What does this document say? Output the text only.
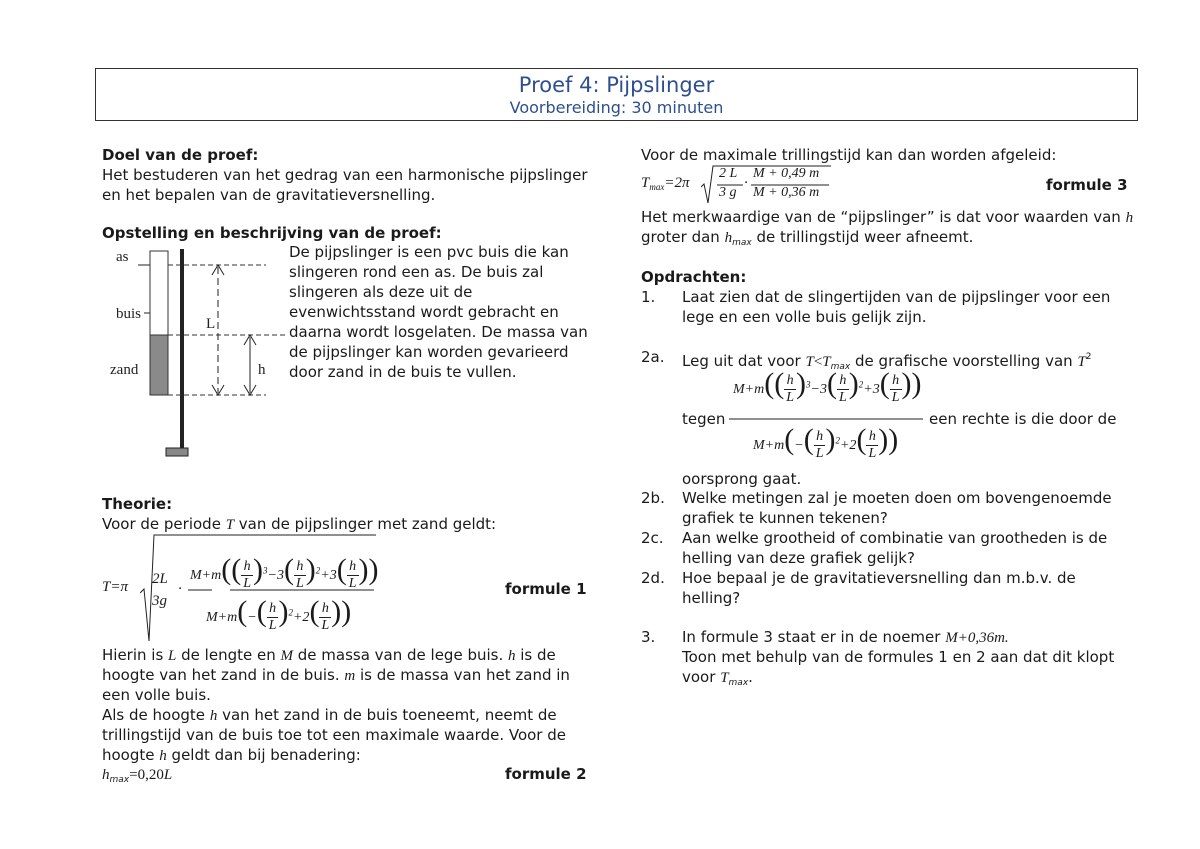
Proef 4: Pijpslinger
Voorbereiding: 30 minuten
Doel van de proef:
Het bestuderen van het gedrag van een harmonische pijpslinger
en het bepalen van de gravitatieversnelling.
Opstelling en beschrijving van de proef:
De pijpslinger is een pvc buis die kan
slingeren rond een as. De buis zal
slingeren als deze uit de
evenwichtsstand wordt gebracht en
daarna wordt losgelaten. De massa van
de pijpslinger kan worden gevarieerd
door zand in de buis te vullen.
as
buis
zand
L
h
Theorie:
Voor de periode T van de pijpslinger met zand geldt:
T=π 2L
3g
·
$M+m(( \frac{h}{L} )^3-3( \frac{h}{L} )^2+3( \frac{h}{L}$ ))
$M+m(-( \frac{h}{L} )^2+2( \frac{h}{L}$ ))
formule 1
Hierin is L de lengte en M de massa van de lege buis. h is de
hoogte van het zand in de buis. m is de massa van het zand in
een volle buis.
Als de hoogte h van het zand in de buis toeneemt, neemt de
trillingstijd van de buis toe tot een maximale waarde. Voor de
hoogte h geldt dan bij benadering:
$h_{max}=0,20L$	formule 2
Voor de maximale trillingstijd kan dan worden afgeleid:
$T_{max}=2\pi$
2 L
3 g
·
M + 0,49 m
M + 0,36 m	formule 3
Het merkwaardige van de “pijpslinger” is dat voor waarden van h
groter dan $h_{max}$ de trillingstijd weer afneemt.
Opdrachten:
1. Laat zien dat de slingertijden van de pijpslinger voor een
lege en een volle buis gelijk zijn.
2a. Leg uit dat voor $T<T_{max}$ de grafische voorstelling van $T^2$
$M+m(( \frac{h}{L} )^3-3( \frac{h}{L} )^2+3( \frac{h}{L}$ ))
tegen	een rechte is die door de
$M+m(-( \frac{h}{L} )^2+2( \frac{h}{L}$ ))
oorsprong gaat.
2b. Welke metingen zal je moeten doen om bovengenoemde
grafiek te kunnen tekenen?
2c. Aan welke grootheid of combinatie van grootheden is de
helling van deze grafiek gelijk?
2d. Hoe bepaal je de gravitatieversnelling dan m.b.v. de
helling?
3. In formule 3 staat er in de noemer M+0,36m.
Toon met behulp van de formules 1 en 2 aan dat dit klopt
voor $T_{max}$.
